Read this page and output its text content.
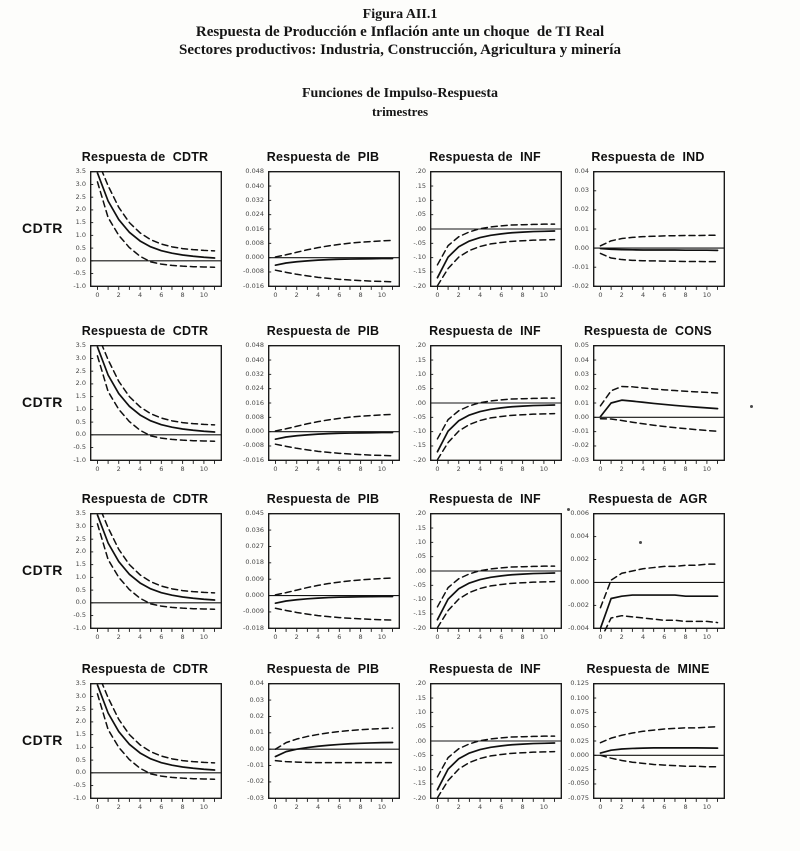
Figura AII.1
Respuesta de Producción e Inflación ante un choque  de TI Real
Sectores productivos: Industria, Construcción, Agricultura y minería
Funciones de Impulso-Respuesta
trimestres
CDTR
Respuesta de  CDTR
3.5
3.0
2.5
2.0
1.5
1.0
0.5
0.0
-0.5
-1.0
0	2	4	6	8 10
Respuesta de  PIB
0.048
0.040
0.032
0.024
0.016
0.008
0.000
-0.008
-0.016
0	2	4	6	8 10
Respuesta de  INF
.20
.15
.10
.05
.00
-.05
-.10
-.15
-.20
0	2	4	6	8 10
Respuesta de  IND
0.04
0.03
0.02
0.01
0.00
-0.01
-0.02
0	2	4	6	8 10
CDTR
Respuesta de  CDTR
3.5
3.0
2.5
2.0
1.5
1.0
0.5
0.0
-0.5
-1.0
0	2	4	6	8 10
Respuesta de  PIB
0.048
0.040
0.032
0.024
0.016
0.008
0.000
-0.008
-0.016
0	2	4	6	8 10
Respuesta de  INF
.20
.15
.10
.05
.00
-.05
-.10
-.15
-.20
0	2	4	6	8 10
Respuesta de  CONS
0.05
0.04
0.03
0.02
0.01
0.00
-0.01
-0.02
-0.03
0	2	4	6	8 10
CDTR
Respuesta de  CDTR
3.5
3.0
2.5
2.0
1.5
1.0
0.5
0.0
-0.5
-1.0
0	2	4	6	8 10
Respuesta de  PIB
0.045
0.036
0.027
0.018
0.009
0.000
-0.009
-0.018
0	2	4	6	8 10
Respuesta de  INF
.20
.15
.10
.05
.00
-.05
-.10
-.15
-.20
0	2	4	6	8 10
Respuesta de  AGR
0.006
0.004
0.002
0.000
-0.002
-0.004
0	2	4	6	8 10
CDTR
Respuesta de  CDTR
3.5
3.0
2.5
2.0
1.5
1.0
0.5
0.0
-0.5
-1.0
0	2	4	6	8 10
Respuesta de  PIB
0.04
0.03
0.02
0.01
0.00
-0.01
-0.02
-0.03
0	2	4	6	8 10
Respuesta de  INF
.20
.15
.10
.05
.00
-.05
-.10
-.15
-.20
0	2	4	6	8 10
Respuesta de  MINE
0.125
0.100
0.075
0.050
0.025
0.000
-0.025
-0.050
-0.075
0	2	4	6	8 10
